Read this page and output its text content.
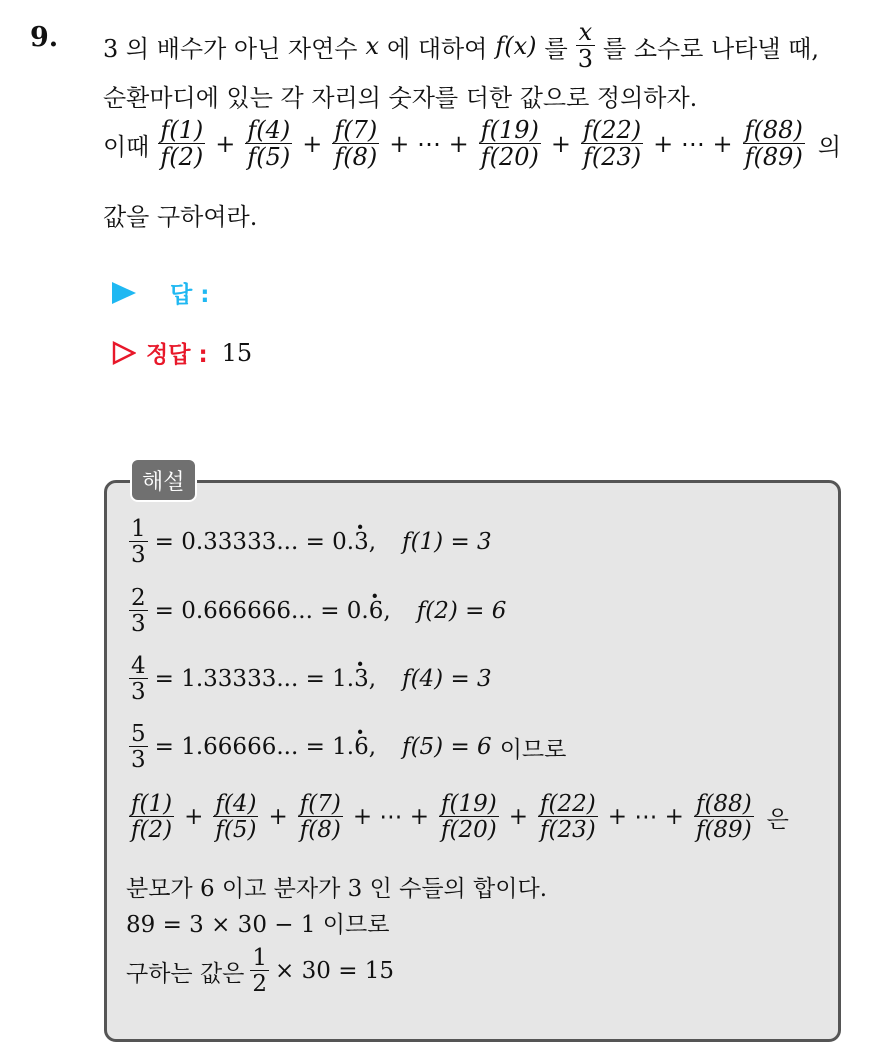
9. 3 의 배수가 아닌 자연수 x 에 대하여 f(x) 를 $\frac{x}{3}$ 를 소수로 나타낼 때,
순환마디에 있는 각 자리의 숫자를 더한 값으로 정의하자.
이때 $\frac{f(1)}{f(2)} + \frac{f(4)}{f(5)} + \frac{f(7)}{f(8)}$ + ⋯ + $\frac{f(19)}{f(20)} + \frac{f(22)}{f(23)}$ + ⋯ + $\frac{f(88)}{f(89)}$ 의
값을 구하여라.
답 :
정답 : 15
해설
$\frac{1}{3} = 0.33333$... = 0. · 3 , f(1) = 3
$\frac{2}{3} = 0.666666$... = 0. · 6 , f(2) = 6
$\frac{4}{3} = 1.33333$... = 1. · 3 , f(4) = 3
$\frac{5}{3} = 1.66666$... = 1. · 6 , f(5) = 6 이므로
$\frac{f(1)}{f(2)} + \frac{f(4)}{f(5)} + \frac{f(7)}{f(8)}$ + ⋯ + $\frac{f(19)}{f(20)} + \frac{f(22)}{f(23)}$ + ⋯ + $\frac{f(88)}{f(89)}$ 은
분모가 6 이고 분자가 3 인 수들의 합이다.
89 = 3 × 30 − 1 이므로
구하는 값은 $\frac{1}{2} \times 30 = 15$
